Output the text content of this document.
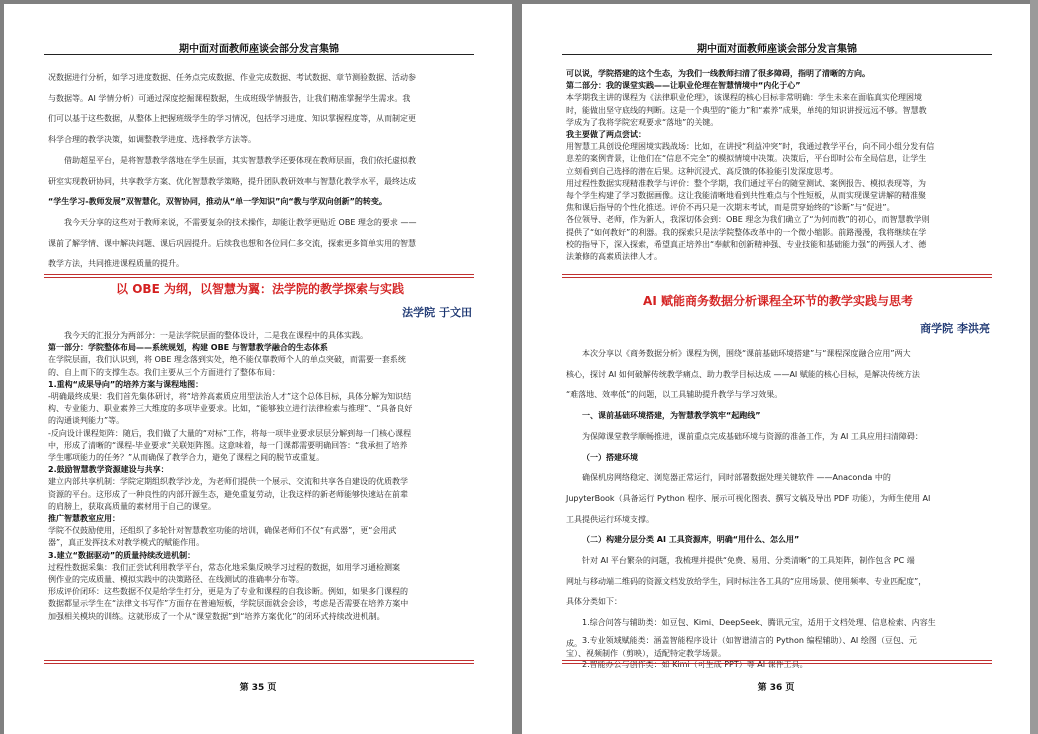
期中面对面教师座谈会部分发言集锦

况数据进行分析，如学习进度数据、任务点完成数据、作业完成数据、考试数据、章节测验数据、活动参

与数据等。AI 学情分析）可通过深度挖掘课程数据，生成班级学情报告，让我们精准掌握学生需求。我

们可以基于这些数据，从整体上把握班级学生的学习情况，包括学习进度、知识掌握程度等，从而制定更

科学合理的教学决策，如调整教学进度、选择教学方法等。

借助超星平台，是将智慧教学落地在学生层面，其实智慧教学还要体现在教师层面，我们依托虚拟教

研室实现教研协同，共享教学方案、优化智慧教学策略，提升团队教研效率与智慧化教学水平，最终达成

“学生学习-教师发展”双智慧化，双智协同，推动从“单一学知识”向“教与学双向创新”的转变。

我今天分享的这些对于教师来说，不需要复杂的技术操作，却能让教学更贴近 OBE 理念的要求 ——

课前了解学情、课中解决问题、课后巩固提升。后续我也想和各位同仁多交流，探索更多简单实用的智慧

教学方法，共同推进课程质量的提升。

以 OBE 为纲，以智慧为翼：法学院的教学探索与实践
法学院 于文田

我今天的汇报分为两部分：一是法学院层面的整体设计，二是我在课程中的具体实践。

第一部分：学院整体布局——系统规划，构建 OBE 与智慧教学融合的生态体系

在学院层面，我们认识到，将 OBE 理念落到实处，绝不能仅靠教师个人的单点突破，而需要一套系统

的、自上而下的支撑生态。我们主要从三个方面进行了整体布局：

1.重构“成果导向”的培养方案与课程地图：

-明确最终成果：我们首先集体研讨，将“培养高素质应用型法治人才”这个总体目标，具体分解为知识结

构、专业能力、职业素养三大维度的多项毕业要求。比如，“能够独立进行法律检索与推理”、“具备良好

的沟通谈判能力”等。

-反向设计课程矩阵：随后，我们做了大量的“对标”工作，将每一项毕业要求层层分解到每一门核心课程

中，形成了清晰的“课程-毕业要求”关联矩阵图。这意味着，每一门课都需要明确回答：“我承担了培养

学生哪项能力的任务？”从而确保了教学合力，避免了课程之间的脱节或重复。

2.鼓励智慧教学资源建设与共享：

建立内部共享机制：学院定期组织教学沙龙，为老师们提供一个展示、交流和共享各自建设的优质教学

资源的平台。这形成了一种良性的内部开源生态，避免重复劳动，让我这样的新老师能够快速站在前辈

的肩膀上，获取高质量的素材用于自己的课堂。

推广智慧教室应用：

学院不仅鼓励使用，还组织了多轮针对智慧教室功能的培训，确保老师们不仅“有武器”，更“会用武

器”，真正发挥技术对教学模式的赋能作用。

3.建立“数据驱动”的质量持续改进机制：

过程性数据采集：我们正尝试利用教学平台，常态化地采集反映学习过程的数据，如用学习通检测案

例作业的完成质量、模拟实践中的决策路径、在线测试的准确率分布等。

形成评价闭环：这些数据不仅是给学生打分，更是为了专业和课程的自我诊断。例如，如果多门课程的

数据都显示学生在“法律文书写作”方面存在普遍短板，学院层面就会会诊，考虑是否需要在培养方案中

加强相关模块的训练。这就形成了一个从“课堂数据”到“培养方案优化”的闭环式持续改进机制。

第 35 页
期中面对面教师座谈会部分发言集锦

可以说，学院搭建的这个生态，为我们一线教师扫清了很多障碍，指明了清晰的方向。

第二部分：我的课堂实践——让职业伦理在智慧情境中“内化于心”

本学期我主讲的课程为《法律职业伦理》，该课程的核心目标非常明确：学生未来在面临真实伦理困境

时，能做出坚守底线的判断。这是一个典型的“能力”和“素养”成果，单纯的知识讲授远远不够。智慧教

学成为了我将学院宏观要求“落地”的关键。

我主要做了两点尝试：

用智慧工具创设伦理困境实践战场：比如，在讲授“利益冲突”时，我通过教学平台，向不同小组分发有信

息差的案例背景，让他们在“信息不完全”的模拟情境中决策。决策后，平台即时公布全局信息，让学生

立刻看到自己选择的潜在后果。这种沉浸式、高反馈的体验能引发深度思考。

用过程性数据实现精准教学与评价：整个学期，我们通过平台的随堂测试、案例报告、模拟表现等，为

每个学生构建了学习数据画像。这让我能清晰地看到共性难点与个性短板，从而实现课堂讲解的精准聚

焦和课后指导的个性化推送。评价不再只是一次期末考试，而是贯穿始终的“诊断”与“促进”。

各位领导、老师，作为新人，我深切体会到：OBE 理念为我们确立了“为何而教”的初心，而智慧教学则

提供了“如何教好”的利器。我的探索只是法学院整体改革中的一个微小缩影。前路漫漫，我将继续在学

校的指导下，深入探索，希望真正培养出“奉献和创新精神强、专业技能和基础能力强”的两强人才、德

法兼修的高素质法律人才。

AI 赋能商务数据分析课程全环节的教学实践与思考
商学院 李洪亮

本次分享以《商务数据分析》课程为例，围绕“课前基础环境搭建”与“课程深度融合应用”两大

核心，探讨 AI 如何破解传统教学痛点、助力教学目标达成 ——AI 赋能的核心目标，是解决传统方法

“难落地、效率低”的问题，以工具辅助提升教学与学习效果。

一、课前基础环境搭建，为智慧教学筑牢“起跑线”

为保障课堂教学顺畅推进，课前重点完成基础环境与资源的准备工作，为 AI 工具应用扫清障碍：

（一）搭建环境

确保机房网络稳定、浏览器正常运行，同时部署数据处理关键软件 ——Anaconda 中的

JupyterBook（具备运行 Python 程序、展示可视化图表、撰写文稿及导出 PDF 功能），为师生使用 AI

工具提供运行环境支撑。

（二）构建分层分类 AI 工具资源库，明确“用什么、怎么用”

针对 AI 平台繁杂的问题，我梳理并提供“免费、易用、分类清晰”的工具矩阵，制作包含 PC 端

网址与移动端二维码的资源文档发放给学生，同时标注各工具的“应用场景、使用频率、专业匹配度”，

具体分类如下：

1.综合问答与辅助类：如豆包、Kimi、DeepSeek、腾讯元宝，适用于文档处理、信息检索、内容生

成。

2.智能办公与创作类：如 Kimi（可生成 PPT）等 AI 课件工具。

第 36 页

3.专业领域赋能类：涵盖智能程序设计（如智谱清言的 Python 编程辅助）、AI 绘图（豆包、元

宝）、视频制作（剪映），适配特定教学场景。
